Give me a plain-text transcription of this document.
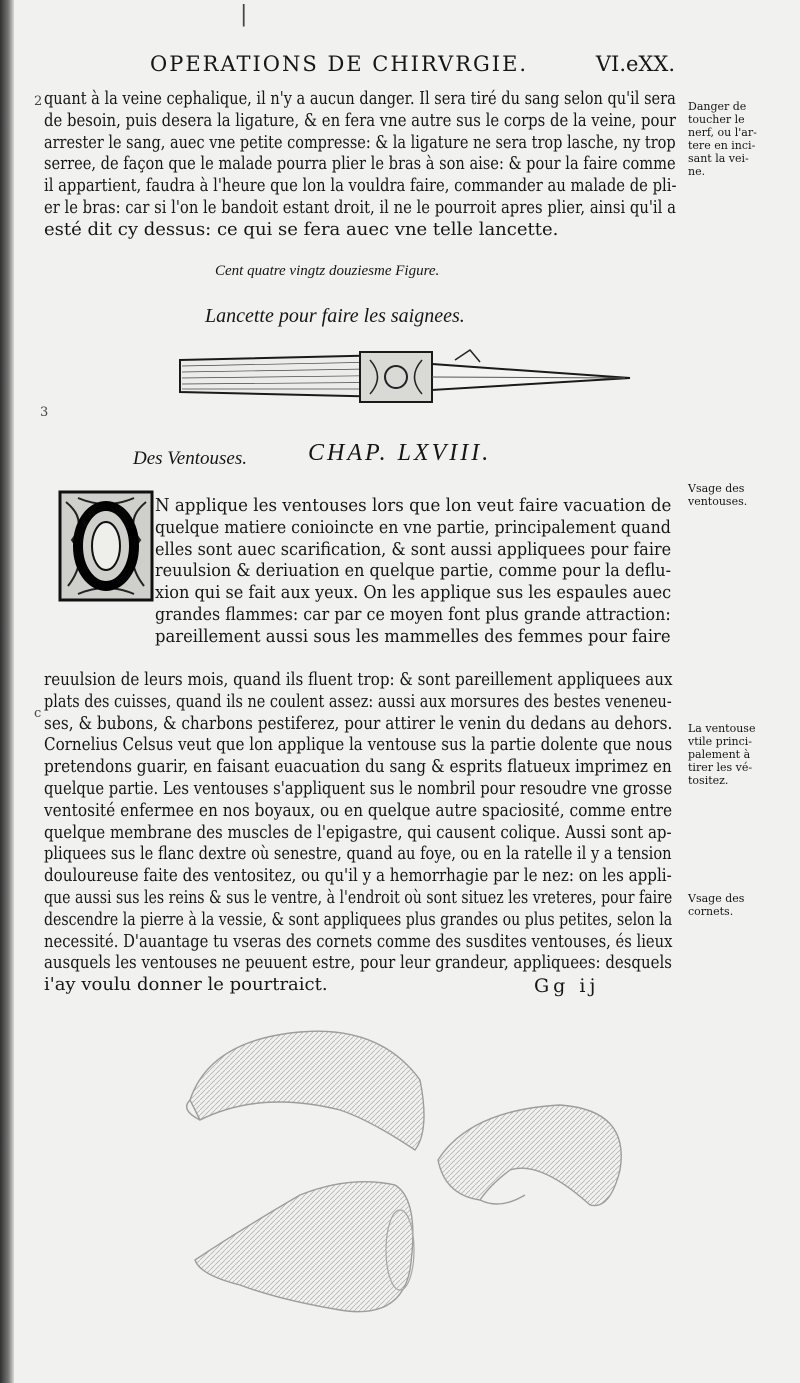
|
2
3
c
OPERATIONS DE CHIRVRGIE.	VI.eXX.
quant à la veine cephalique, il n'y a aucun danger. Il sera tiré du sang selon qu'il sera
de besoin, puis desera la ligature, & en fera vne autre sus le corps de la veine, pour
arrester le sang, auec vne petite compresse: & la ligature ne sera trop lasche, ny trop
serree, de façon que le malade pourra plier le bras à son aise: & pour la faire comme
il appartient, faudra à l'heure que lon la vouldra faire, commander au malade de pli-
er le bras: car si l'on le bandoit estant droit, il ne le pourroit apres plier, ainsi qu'il a
esté dit cy dessus: ce qui se fera auec vne telle lancette.
Cent quatre vingtz douziesme Figure.
Lancette pour faire les saignees.
Des Ventouses.	CHAP. LXVIII.
N applique les ventouses lors que lon veut faire vacuation de
quelque matiere conioincte en vne partie, principalement quand
elles sont auec scarification, & sont aussi appliquees pour faire
reuulsion & deriuation en quelque partie, comme pour la deflu-
xion qui se fait aux yeux. On les applique sus les espaules auec
grandes flammes: car par ce moyen font plus grande attraction:
pareillement aussi sous les mammelles des femmes pour faire
reuulsion de leurs mois, quand ils fluent trop: & sont pareillement appliquees aux
plats des cuisses, quand ils ne coulent assez: aussi aux morsures des bestes veneneu-
ses, & bubons, & charbons pestiferez, pour attirer le venin du dedans au dehors.
Cornelius Celsus veut que lon applique la ventouse sus la partie dolente que nous
pretendons guarir, en faisant euacuation du sang & esprits flatueux imprimez en
quelque partie. Les ventouses s'appliquent sus le nombril pour resoudre vne grosse
ventosité enfermee en nos boyaux, ou en quelque autre spaciosité, comme entre
quelque membrane des muscles de l'epigastre, qui causent colique. Aussi sont ap-
pliquees sus le flanc dextre où senestre, quand au foye, ou en la ratelle il y a tension
douloureuse faite des ventositez, ou qu'il y a hemorrhagie par le nez: on les appli-
que aussi sus les reins & sus le ventre, à l'endroit où sont situez les vreteres, pour faire
descendre la pierre à la vessie, & sont appliquees plus grandes ou plus petites, selon la
necessité. D'auantage tu vseras des cornets comme des susdites ventouses, és lieux
ausquels les ventouses ne peuuent estre, pour leur grandeur, appliquees: desquels
i'ay voulu donner le pourtraict.
Danger de
toucher le
nerf, ou l'ar-
tere en inci-
sant la vei-
ne.
Vsage des
ventouses.
La ventouse
vtile princi-
palement à
tirer les vé-
tositez.
Vsage des
cornets.
Gg ij
